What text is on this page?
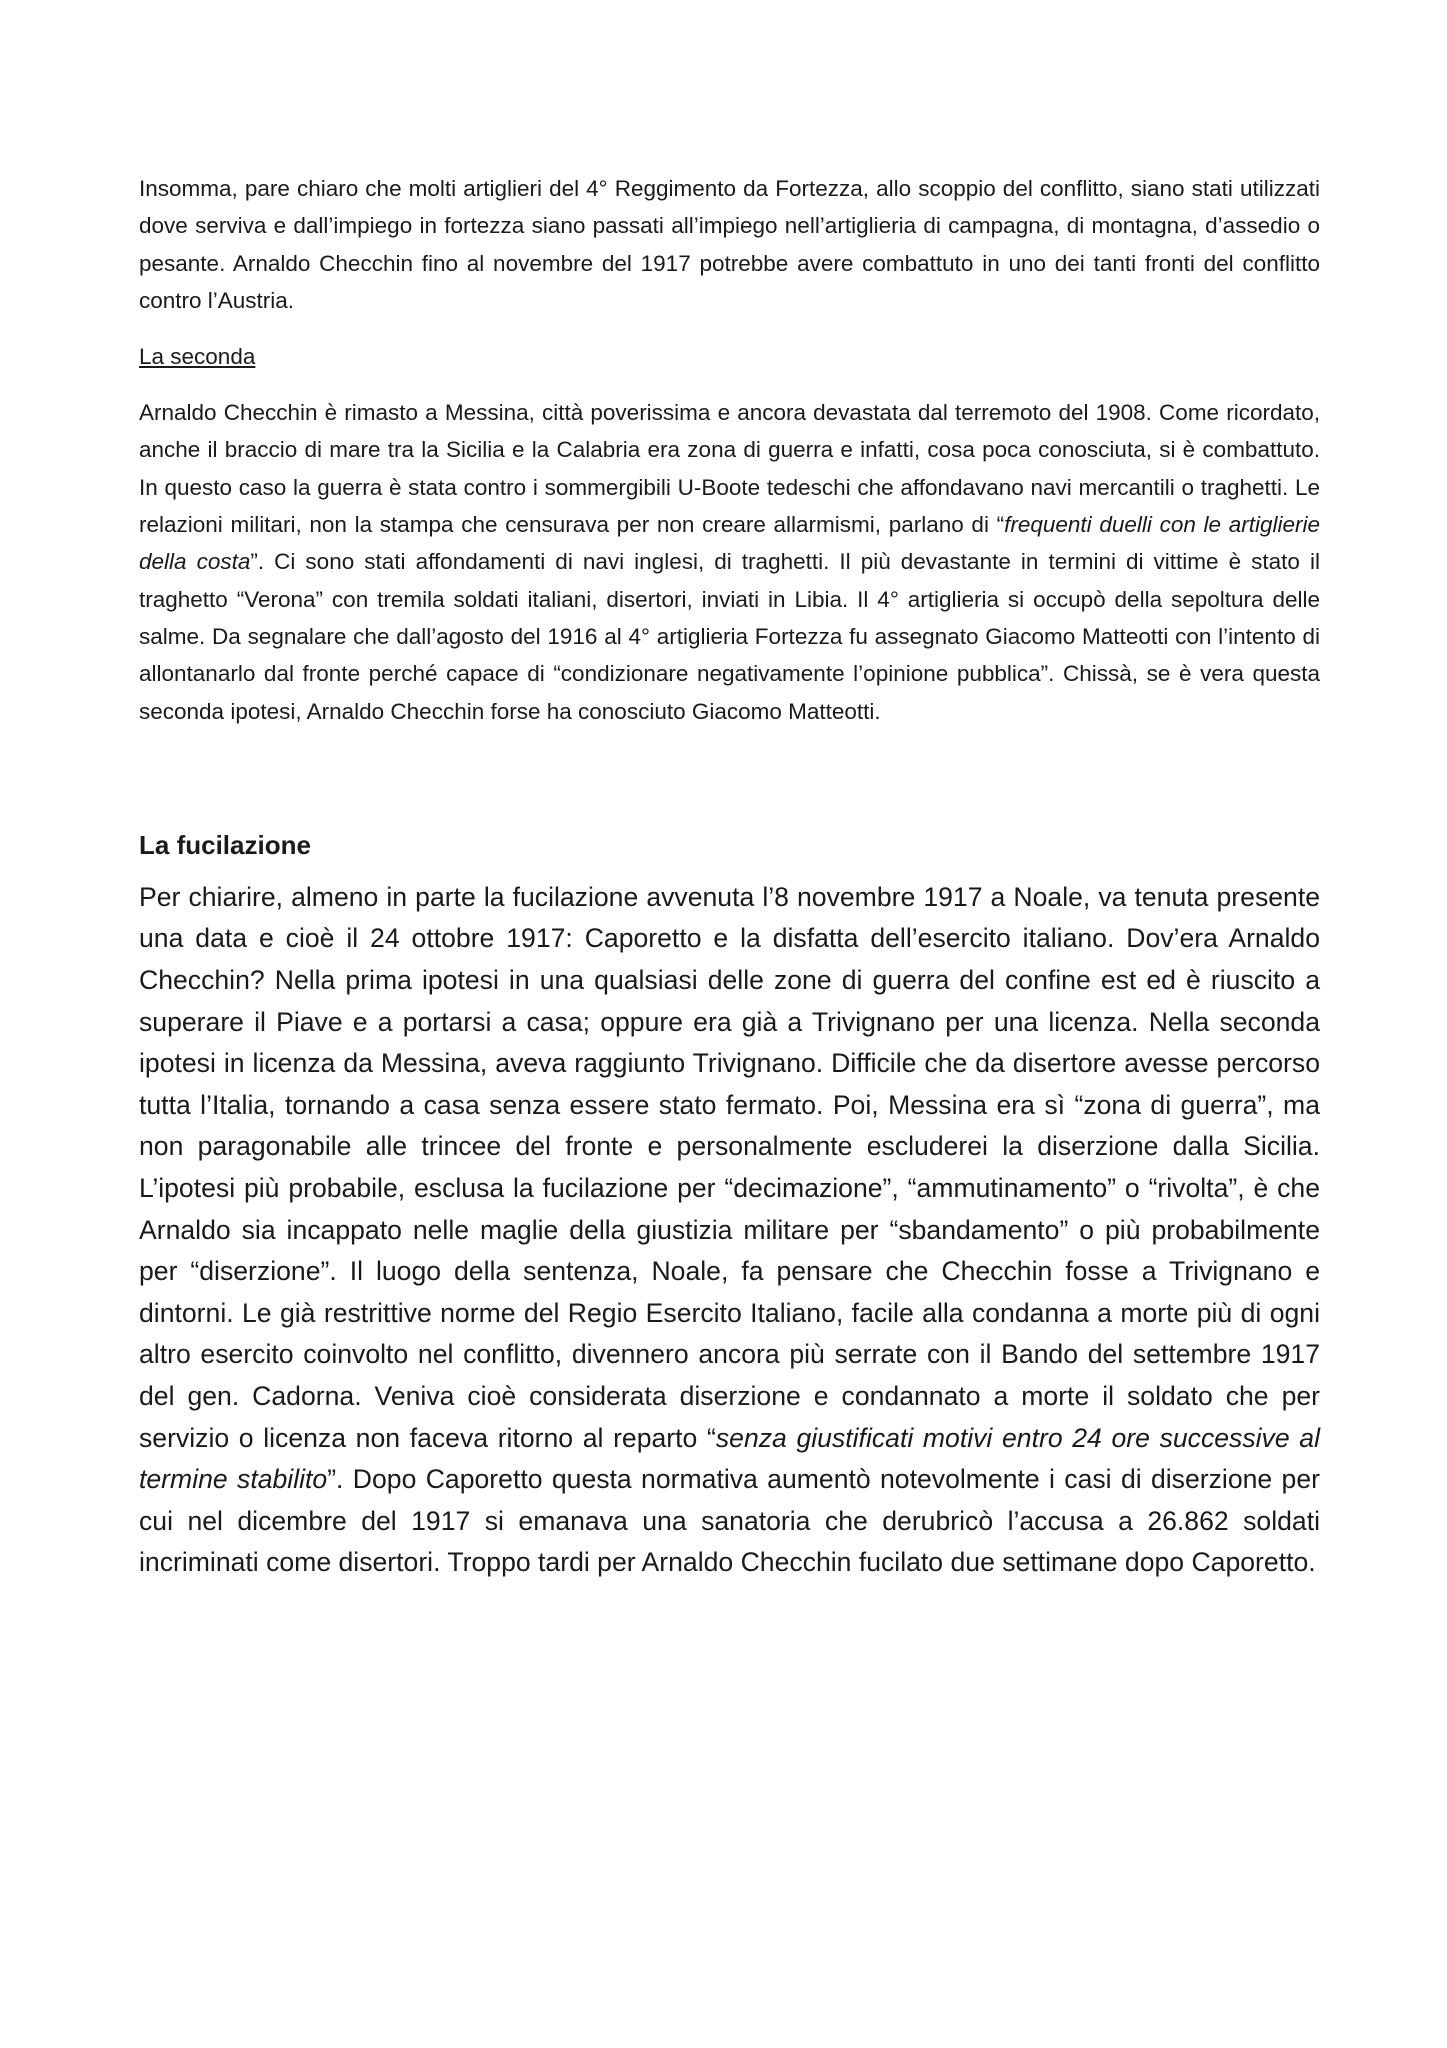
Insomma, pare chiaro che molti artiglieri del 4° Reggimento da Fortezza, allo scoppio del conflitto, siano stati utilizzati dove serviva e dall’impiego in fortezza siano passati all’impiego nell’artiglieria di campagna, di montagna, d’assedio o pesante. Arnaldo Checchin fino al novembre del 1917 potrebbe avere combattuto in uno dei tanti fronti del conflitto contro l’Austria.

La seconda

Arnaldo Checchin è rimasto a Messina, città poverissima e ancora devastata dal terremoto del 1908. Come ricordato, anche il braccio di mare tra la Sicilia e la Calabria era zona di guerra e infatti, cosa poca conosciuta, si è combattuto. In questo caso la guerra è stata contro i sommergibili U-Boote tedeschi che affondavano navi mercantili o traghetti. Le relazioni militari, non la stampa che censurava per non creare allarmismi, parlano di “frequenti duelli con le artiglierie della costa”. Ci sono stati affondamenti di navi inglesi, di traghetti. Il più devastante in termini di vittime è stato il traghetto “Verona” con tremila soldati italiani, disertori, inviati in Libia. Il 4° artiglieria si occupò della sepoltura delle salme. Da segnalare che dall’agosto del 1916 al 4° artiglieria Fortezza fu assegnato Giacomo Matteotti con l’intento di allontanarlo dal fronte perché capace di “condizionare negativamente l’opinione pubblica”. Chissà, se è vera questa seconda ipotesi, Arnaldo Checchin forse ha conosciuto Giacomo Matteotti.

La fucilazione

Per chiarire, almeno in parte la fucilazione avvenuta l’8 novembre 1917 a Noale, va tenuta presente una data e cioè il 24 ottobre 1917: Caporetto e la disfatta dell’esercito italiano. Dov’era Arnaldo Checchin? Nella prima ipotesi in una qualsiasi delle zone di guerra del confine est ed è riuscito a superare il Piave e a portarsi a casa; oppure era già a Trivignano per una licenza. Nella seconda ipotesi in licenza da Messina, aveva raggiunto Trivignano. Difficile che da disertore avesse percorso tutta l’Italia, tornando a casa senza essere stato fermato. Poi, Messina era sì “zona di guerra”, ma non paragonabile alle trincee del fronte e personalmente escluderei la diserzione dalla Sicilia. L’ipotesi più probabile, esclusa la fucilazione per “decimazione”, “ammutinamento” o “rivolta”, è che Arnaldo sia incappato nelle maglie della giustizia militare per “sbandamento” o più probabilmente per “diserzione”. Il luogo della sentenza, Noale, fa pensare che Checchin fosse a Trivignano e dintorni. Le già restrittive norme del Regio Esercito Italiano, facile alla condanna a morte più di ogni altro esercito coinvolto nel conflitto, divennero ancora più serrate con il Bando del settembre 1917 del gen. Cadorna. Veniva cioè considerata diserzione e condannato a morte il soldato che per servizio o licenza non faceva ritorno al reparto “senza giustificati motivi entro 24 ore successive al termine stabilito”. Dopo Caporetto questa normativa aumentò notevolmente i casi di diserzione per cui nel dicembre del 1917 si emanava una sanatoria che derubricò l’accusa a 26.862 soldati incriminati come disertori. Troppo tardi per Arnaldo Checchin fucilato due settimane dopo Caporetto.
